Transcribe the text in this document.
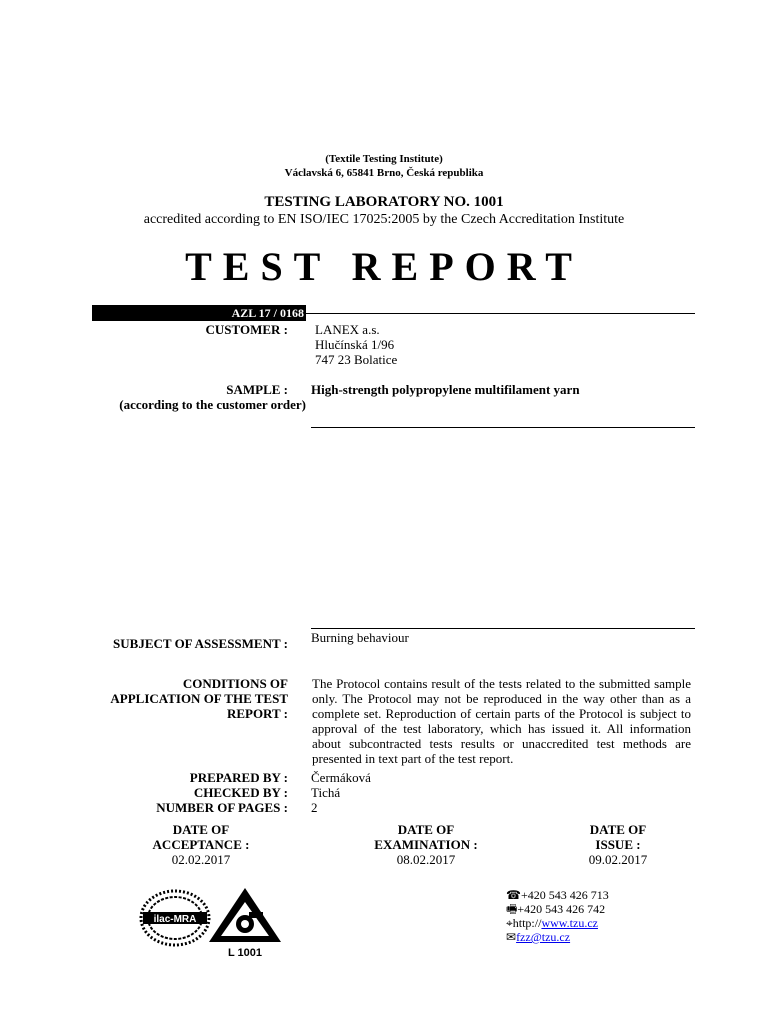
(Textile Testing Institute)
Václavská 6, 65841 Brno, Česká republika
TESTING LABORATORY NO. 1001
accredited according to EN ISO/IEC 17025:2005 by the Czech Accreditation Institute
TEST REPORT
AZL 17 / 0168
CUSTOMER : LANEX a.s.
Hlučínská 1/96
747 23 Bolatice
SAMPLE :
(according to the customer order)
High-strength polypropylene multifilament yarn
SUBJECT OF ASSESSMENT : Burning behaviour
CONDITIONS OF
APPLICATION OF THE TEST
REPORT :
The Protocol contains result of the tests related to the submitted sample only. The Protocol may not be reproduced in the way other than as a complete set. Reproduction of certain parts of the Protocol is subject to approval of the test laboratory, which has issued it. All information about subcontracted tests results or unaccredited test methods are presented in text part of the test report.
PREPARED BY : Čermáková
CHECKED BY : Tichá
NUMBER OF PAGES : 2
DATE OF
ACCEPTANCE :
02.02.2017
DATE OF
EXAMINATION :
08.02.2017
DATE OF
ISSUE :
09.02.2017
ilac-MRA
L 1001
☎+420 543 426 713
🖷+420 543 426 742
⌖http://www.tzu.cz
✉fzz@tzu.cz
